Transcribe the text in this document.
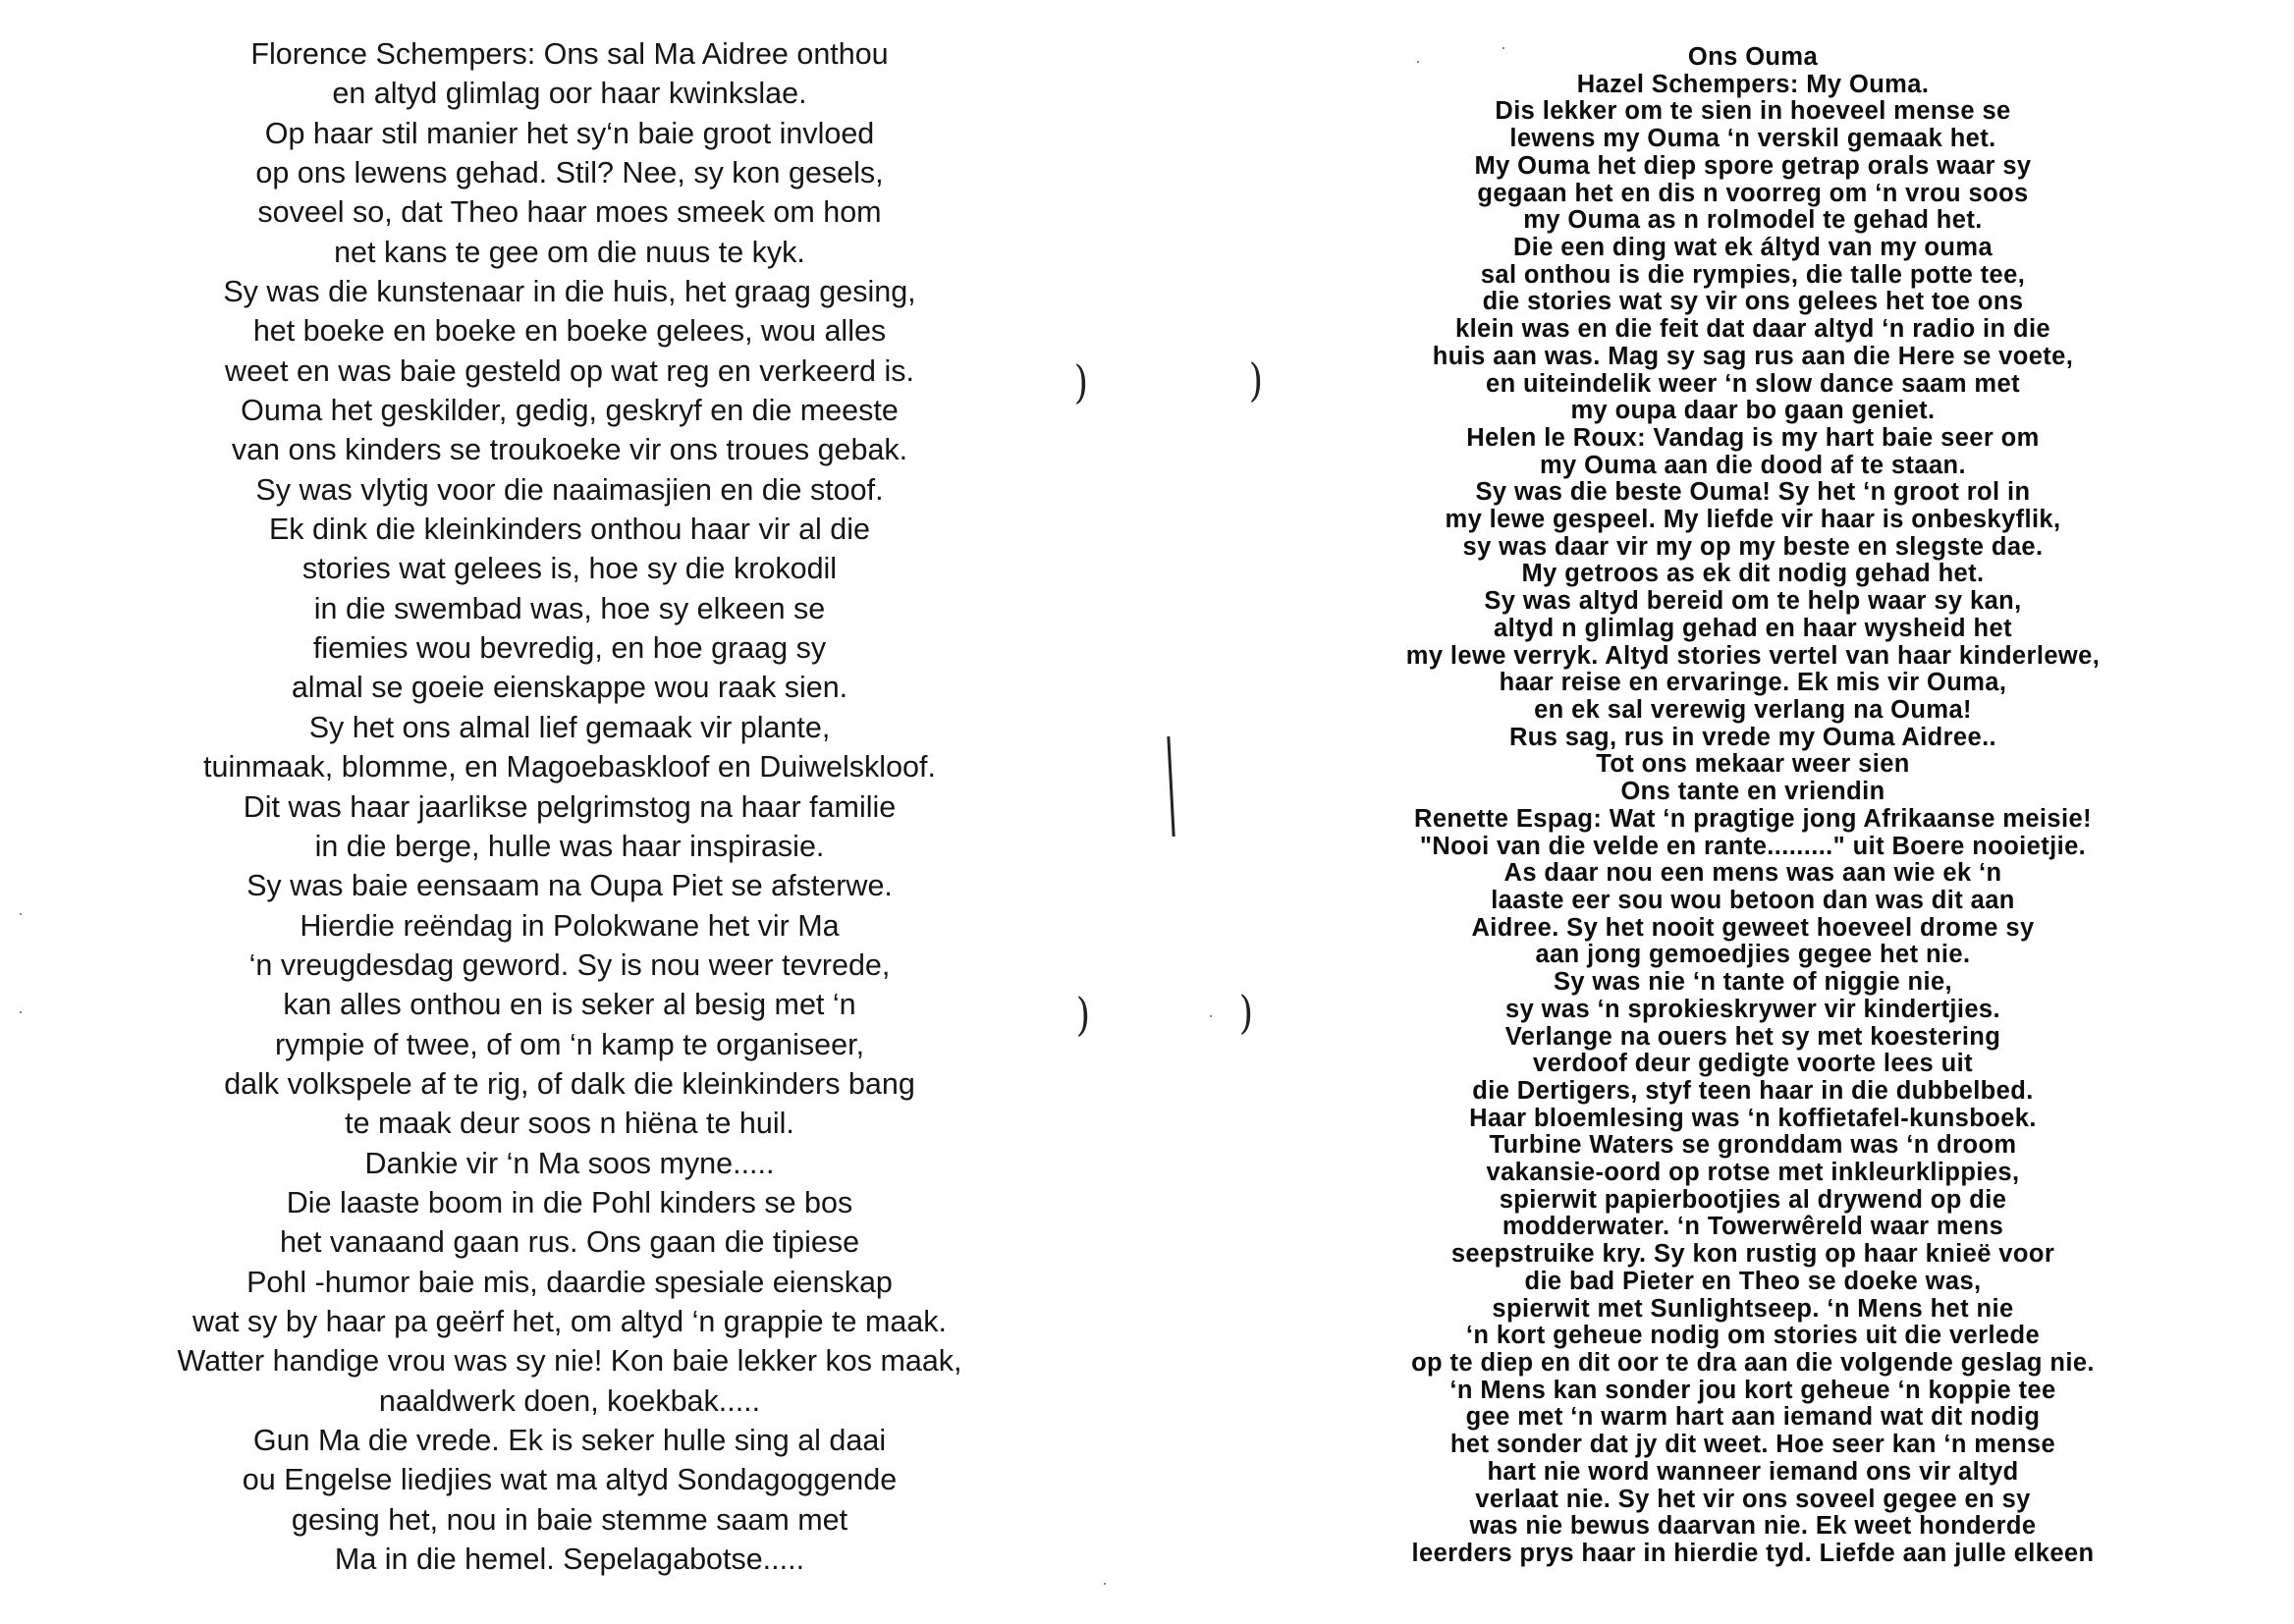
Florence Schempers: Ons sal Ma Aidree onthou
en altyd glimlag oor haar kwinkslae.
Op haar stil manier het sy‘n baie groot invloed
op ons lewens gehad. Stil? Nee, sy kon gesels,
soveel so, dat Theo haar moes smeek om hom
net kans te gee om die nuus te kyk.
Sy was die kunstenaar in die huis, het graag gesing,
het boeke en boeke en boeke gelees, wou alles
weet en was baie gesteld op wat reg en verkeerd is.
Ouma het geskilder, gedig, geskryf en die meeste
van ons kinders se troukoeke vir ons troues gebak.
Sy was vlytig voor die naaimasjien en die stoof.
Ek dink die kleinkinders onthou haar vir al die
stories wat gelees is, hoe sy die krokodil
in die swembad was, hoe sy elkeen se
fiemies wou bevredig, en hoe graag sy
almal se goeie eienskappe wou raak sien.
Sy het ons almal lief gemaak vir plante,
tuinmaak, blomme, en Magoebaskloof en Duiwelskloof.
Dit was haar jaarlikse pelgrimstog na haar familie
in die berge, hulle was haar inspirasie.
Sy was baie eensaam na Oupa Piet se afsterwe.
Hierdie reëndag in Polokwane het vir Ma
‘n vreugdesdag geword. Sy is nou weer tevrede,
kan alles onthou en is seker al besig met ‘n
rympie of twee, of om ‘n kamp te organiseer,
dalk volkspele af te rig, of dalk die kleinkinders bang
te maak deur soos n hiëna te huil.
Dankie vir ‘n Ma soos myne.....
Die laaste boom in die Pohl kinders se bos
het vanaand gaan rus. Ons gaan die tipiese
Pohl -humor baie mis, daardie spesiale eienskap
wat sy by haar pa geërf het, om altyd ‘n grappie te maak.
Watter handige vrou was sy nie! Kon baie lekker kos maak,
naaldwerk doen, koekbak.....
Gun Ma die vrede. Ek is seker hulle sing al daai
ou Engelse liedjies wat ma altyd Sondagoggende
gesing het, nou in baie stemme saam met
Ma in die hemel. Sepelagabotse.....
Ons Ouma
Hazel Schempers: My Ouma.
Dis lekker om te sien in hoeveel mense se
lewens my Ouma ‘n verskil gemaak het.
My Ouma het diep spore getrap orals waar sy
gegaan het en dis n voorreg om ‘n vrou soos
my Ouma as n rolmodel te gehad het.
Die een ding wat ek áltyd van my ouma
sal onthou is die rympies, die talle potte tee,
die stories wat sy vir ons gelees het toe ons
klein was en die feit dat daar altyd ‘n radio in die
huis aan was. Mag sy sag rus aan die Here se voete,
en uiteindelik weer ‘n slow dance saam met
my oupa daar bo gaan geniet.
Helen le Roux: Vandag is my hart baie seer om
my Ouma aan die dood af te staan.
Sy was die beste Ouma! Sy het ‘n groot rol in
my lewe gespeel. My liefde vir haar is onbeskyflik,
sy was daar vir my op my beste en slegste dae.
My getroos as ek dit nodig gehad het.
Sy was altyd bereid om te help waar sy kan,
altyd n glimlag gehad en haar wysheid het
my lewe verryk. Altyd stories vertel van haar kinderlewe,
haar reise en ervaringe. Ek mis vir Ouma,
en ek sal verewig verlang na Ouma!
Rus sag, rus in vrede my Ouma Aidree..
Tot ons mekaar weer sien
Ons tante en vriendin
Renette Espag: Wat ‘n pragtige jong Afrikaanse meisie!
"Nooi van die velde en rante........." uit Boere nooietjie.
As daar nou een mens was aan wie ek ‘n
laaste eer sou wou betoon dan was dit aan
Aidree. Sy het nooit geweet hoeveel drome sy
aan jong gemoedjies gegee het nie.
Sy was nie ‘n tante of niggie nie,
sy was ‘n sprokieskrywer vir kindertjies.
Verlange na ouers het sy met koestering
verdoof deur gedigte voorte lees uit
die Dertigers, styf teen haar in die dubbelbed.
Haar bloemlesing was ‘n koffietafel-kunsboek.
Turbine Waters se gronddam was ‘n droom
vakansie-oord op rotse met inkleurklippies,
spierwit papierbootjies al drywend op die
modderwater. ‘n Towerwêreld waar mens
seepstruike kry. Sy kon rustig op haar knieë voor
die bad Pieter en Theo se doeke was,
spierwit met Sunlightseep. ‘n Mens het nie
‘n kort geheue nodig om stories uit die verlede
op te diep en dit oor te dra aan die volgende geslag nie.
‘n Mens kan sonder jou kort geheue ‘n koppie tee
gee met ‘n warm hart aan iemand wat dit nodig
het sonder dat jy dit weet. Hoe seer kan ‘n mense
hart nie word wanneer iemand ons vir altyd
verlaat nie. Sy het vir ons soveel gegee en sy
was nie bewus daarvan nie. Ek weet honderde
leerders prys haar in hierdie tyd. Liefde aan julle elkeen
)	)
)	)
